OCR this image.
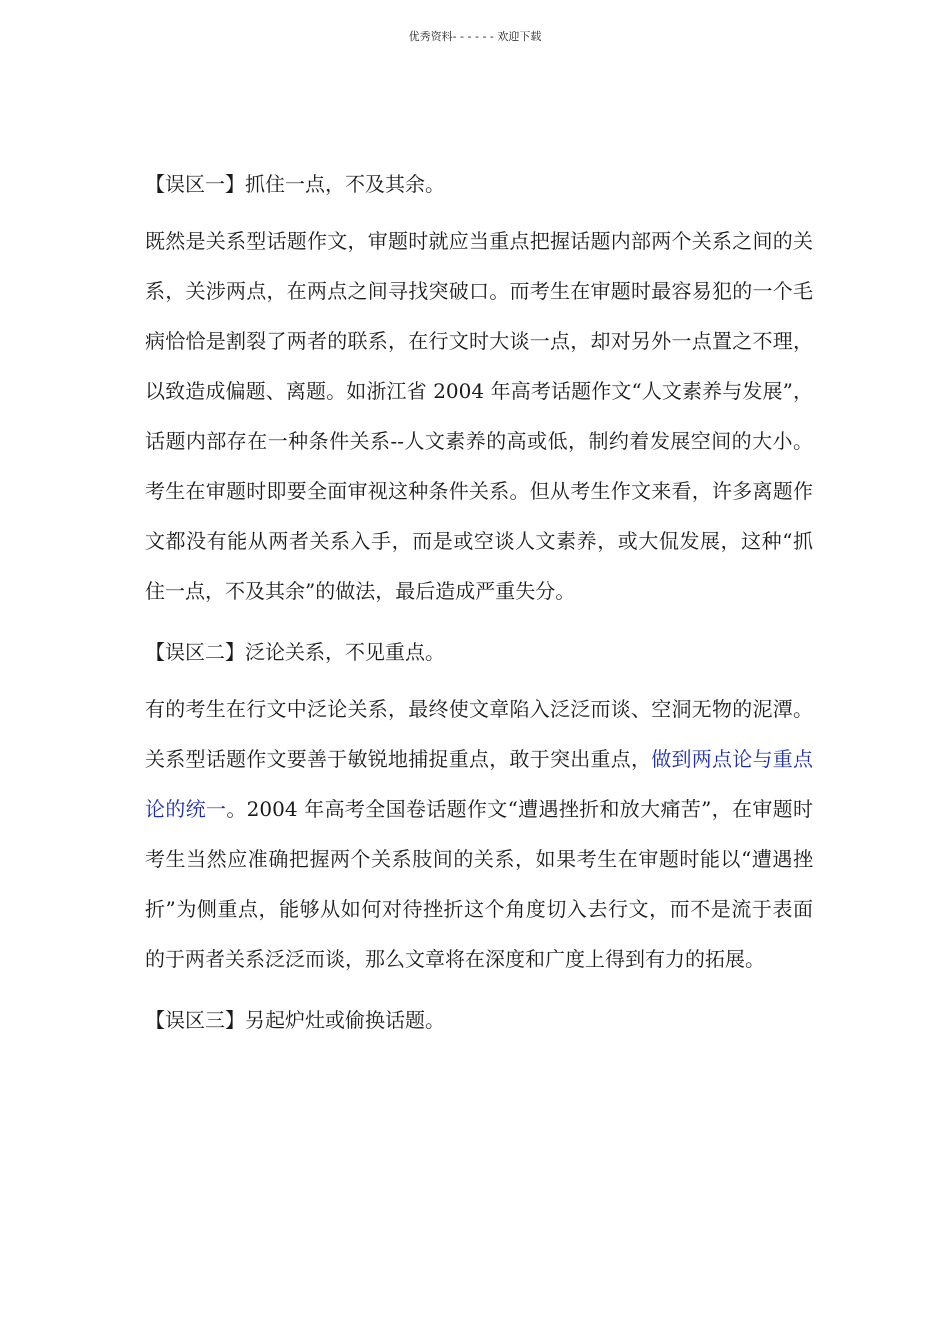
优秀资料- - - - - - 欢迎下载

【误区一】抓住一点，不及其余。

既然是关系型话题作文，审题时就应当重点把握话题内部两个关系之间的关系，关涉两点，在两点之间寻找突破口。而考生在审题时最容易犯的一个毛病恰恰是割裂了两者的联系，在行文时大谈一点，却对另外一点置之不理，以致造成偏题、离题。如浙江省 2004 年高考话题作文“人文素养与发展”，话题内部存在一种条件关系--人文素养的高或低，制约着发展空间的大小。考生在审题时即要全面审视这种条件关系。但从考生作文来看，许多离题作文都没有能从两者关系入手，而是或空谈人文素养，或大侃发展，这种“抓住一点，不及其余”的做法，最后造成严重失分。

【误区二】泛论关系，不见重点。

有的考生在行文中泛论关系，最终使文章陷入泛泛而谈、空洞无物的泥潭。关系型话题作文要善于敏锐地捕捉重点，敢于突出重点，做到两点论与重点论的统一。2004 年高考全国卷话题作文“遭遇挫折和放大痛苦”，在审题时考生当然应准确把握两个关系肢间的关系，如果考生在审题时能以“遭遇挫折”为侧重点，能够从如何对待挫折这个角度切入去行文，而不是流于表面的于两者关系泛泛而谈，那么文章将在深度和广度上得到有力的拓展。

【误区三】另起炉灶或偷换话题。
